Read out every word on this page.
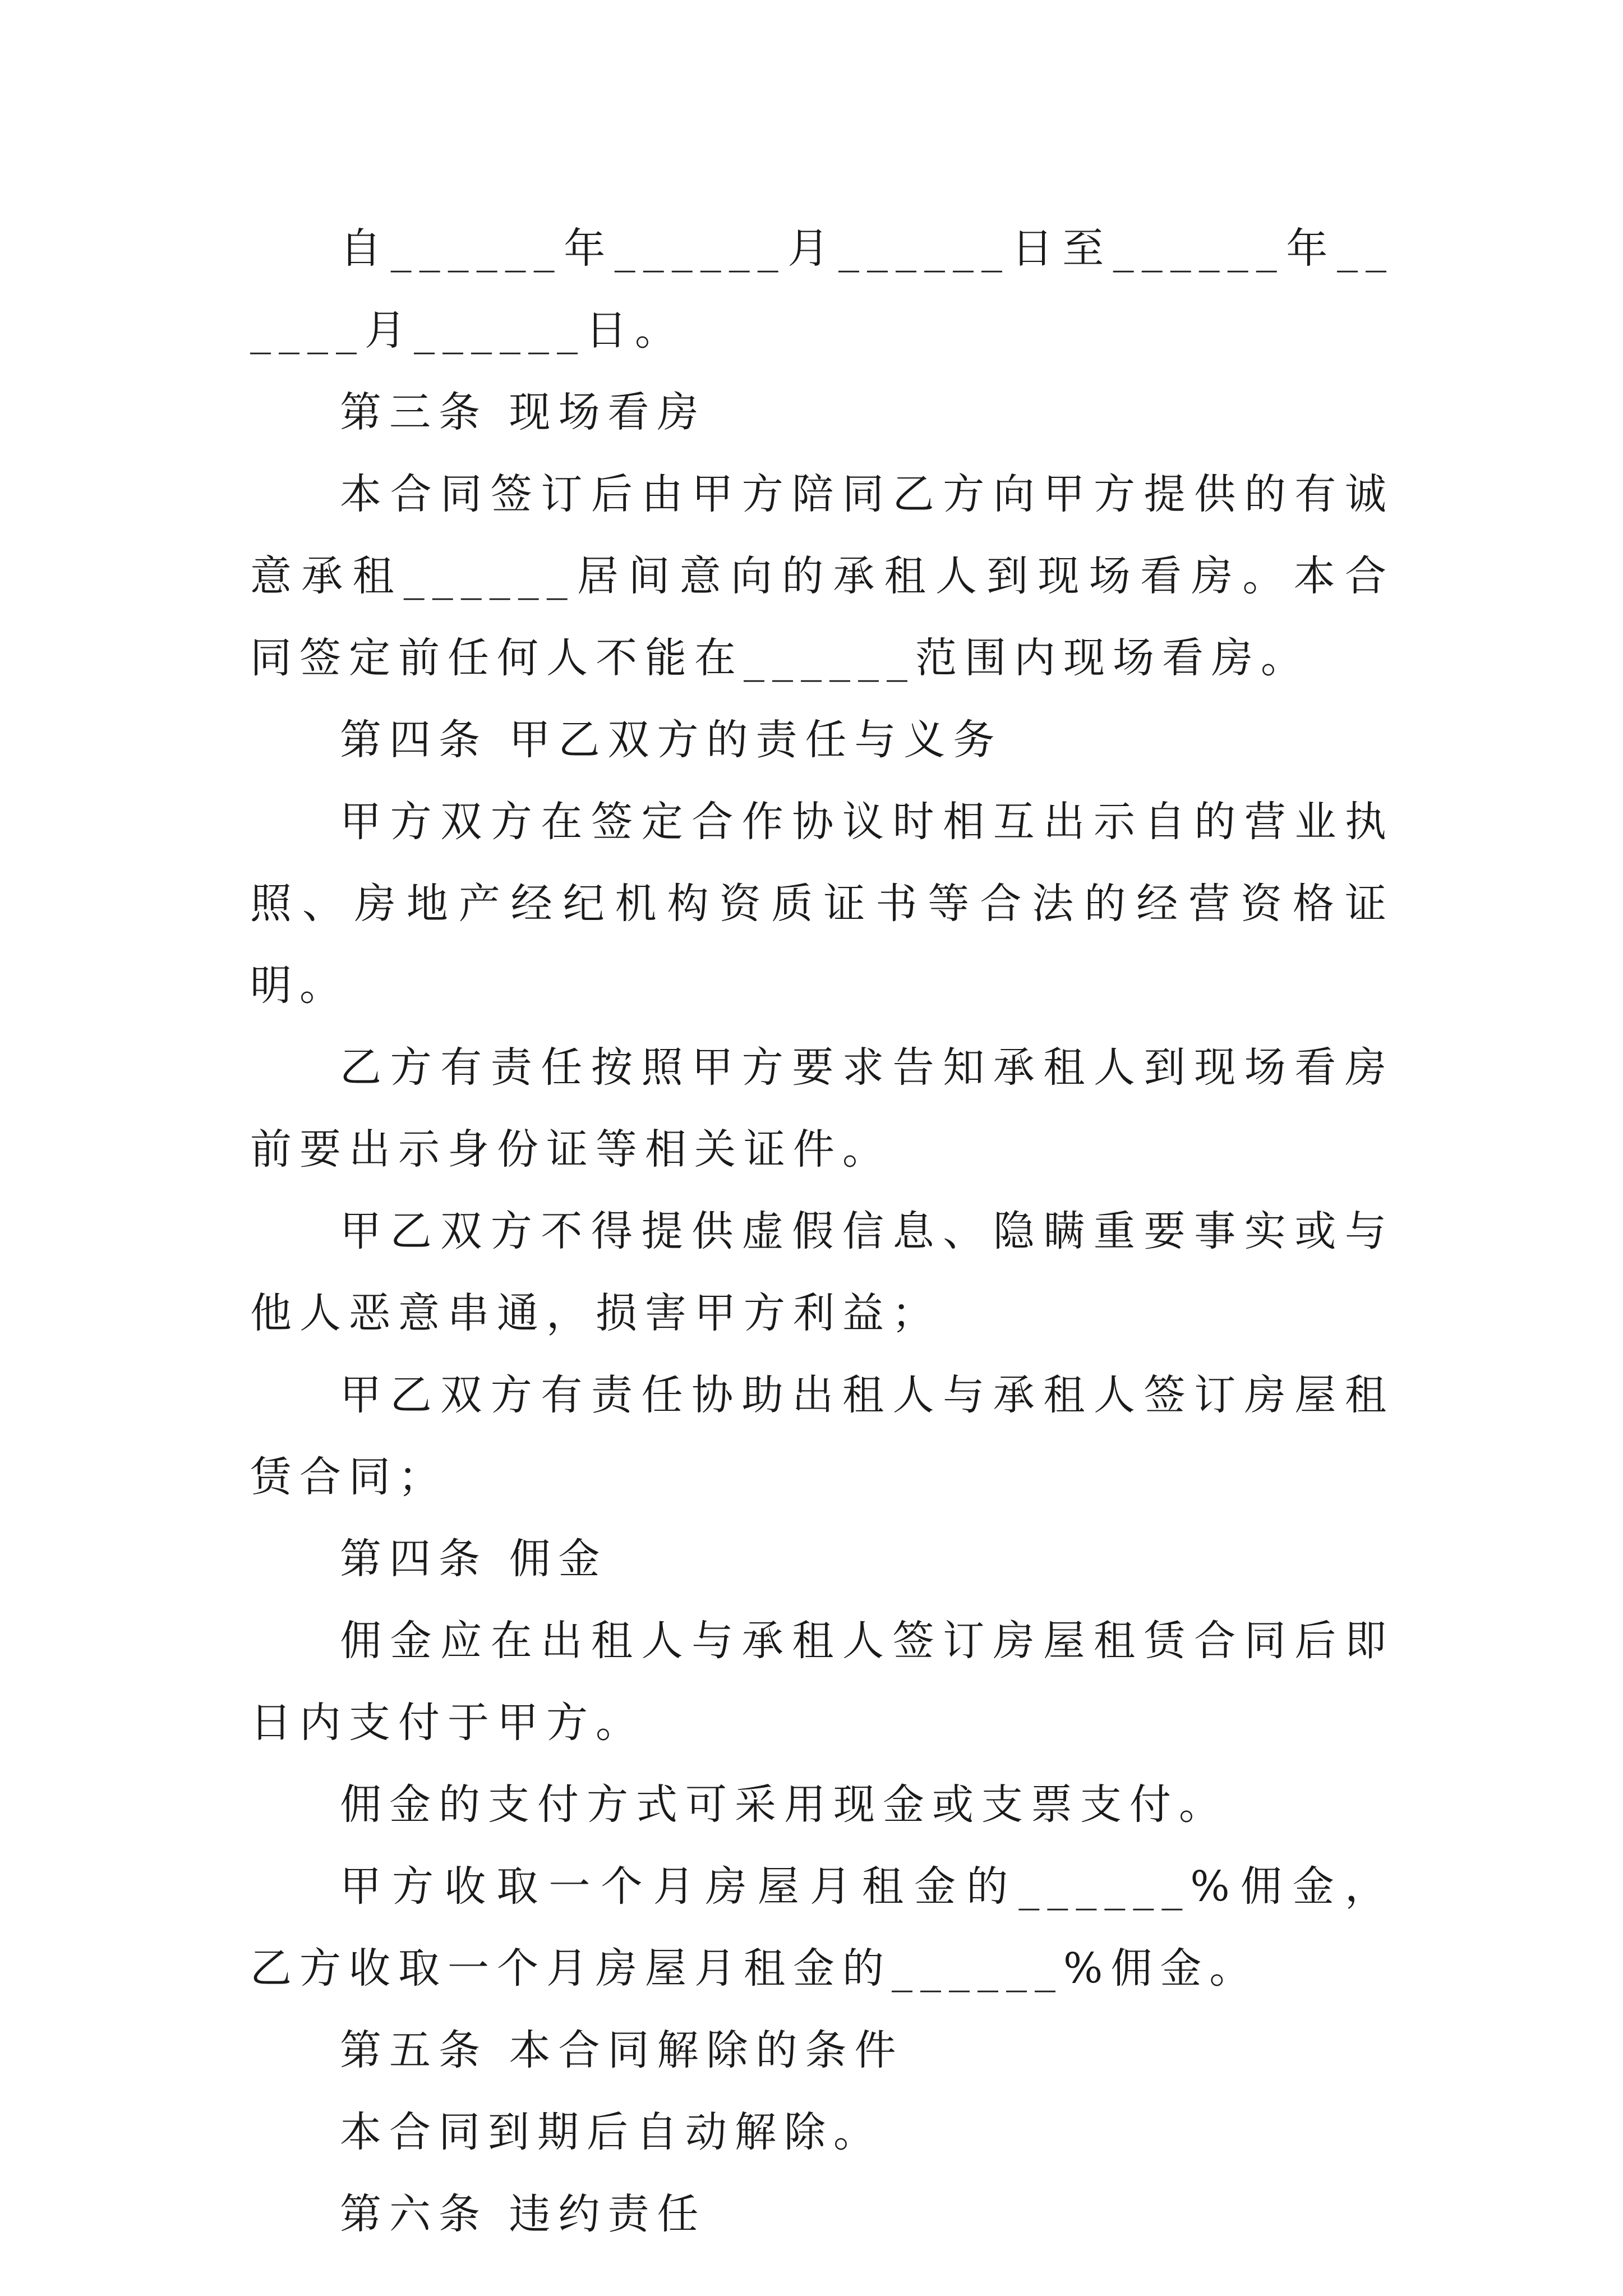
自______年______月______日至______年______月______日。

第三条 现场看房

本合同签订后由甲方陪同乙方向甲方提供的有诚意承租______居间意向的承租人到现场看房。本合同签定前任何人不能在______范围内现场看房。

第四条 甲乙双方的责任与义务

甲方双方在签定合作协议时相互出示自的营业执照、房地产经纪机构资质证书等合法的经营资格证明。

乙方有责任按照甲方要求告知承租人到现场看房前要出示身份证等相关证件。

甲乙双方不得提供虚假信息、隐瞒重要事实或与他人恶意串通，损害甲方利益；

甲乙双方有责任协助出租人与承租人签订房屋租赁合同；

第四条 佣金

佣金应在出租人与承租人签订房屋租赁合同后即日内支付于甲方。

佣金的支付方式可采用现金或支票支付。

甲方收取一个月房屋月租金的______%佣金，乙方收取一个月房屋月租金的______%佣金。

第五条 本合同解除的条件

本合同到期后自动解除。

第六条 违约责任
